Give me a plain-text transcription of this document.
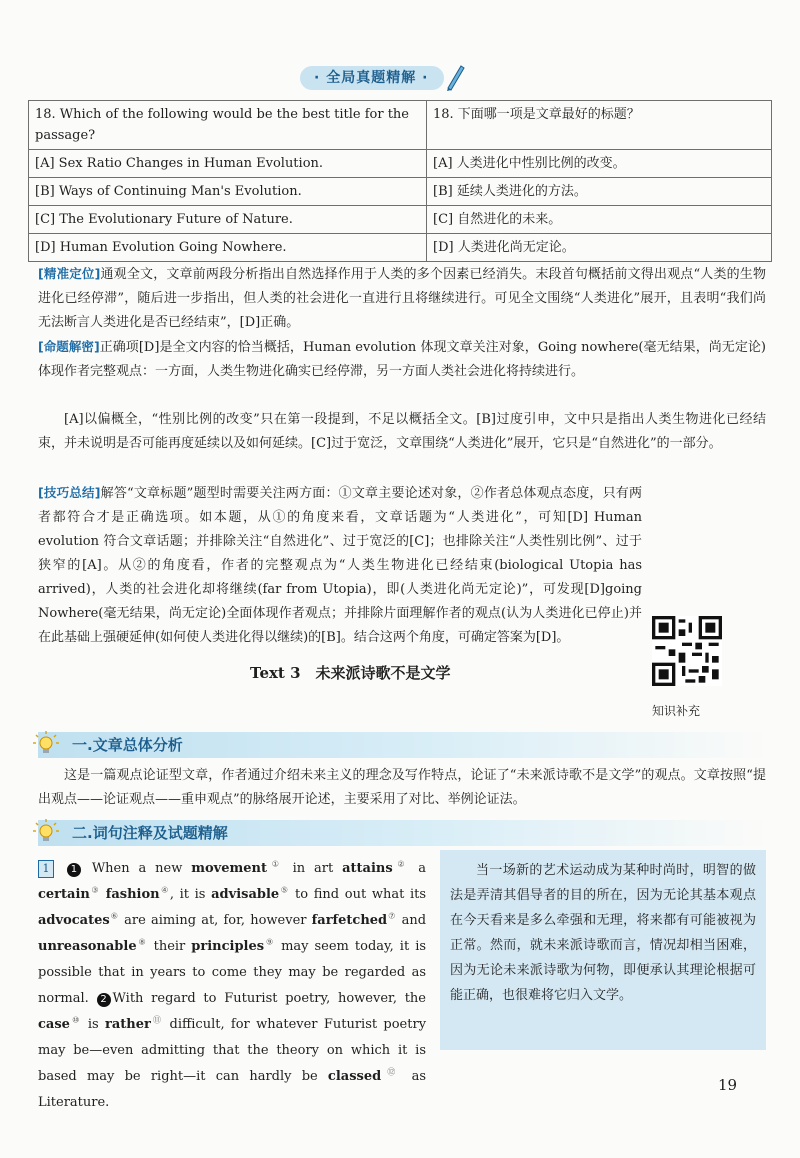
· 全局真题精解 ·
18. Which of the following would be the best title for the passage?	18. 下面哪一项是文章最好的标题？
[A] Sex Ratio Changes in Human Evolution.	[A] 人类进化中性别比例的改变。
[B] Ways of Continuing Man's Evolution.	[B] 延续人类进化的方法。
[C] The Evolutionary Future of Nature.	[C] 自然进化的未来。
[D] Human Evolution Going Nowhere.	[D] 人类进化尚无定论。
[精准定位]通观全文，文章前两段分析指出自然选择作用于人类的多个因素已经消失。末段首句概括前文得出观点“人类的生物进化已经停滞”，随后进一步指出，但人类的社会进化一直进行且将继续进行。可见全文围绕“人类进化”展开，且表明“我们尚无法断言人类进化是否已经结束”，[D]正确。
[命题解密]正确项[D]是全文内容的恰当概括，Human evolution 体现文章关注对象，Going nowhere(毫无结果，尚无定论)体现作者完整观点：一方面，人类生物进化确实已经停滞，另一方面人类社会进化将持续进行。
[A]以偏概全，“性别比例的改变”只在第一段提到，不足以概括全文。[B]过度引申，文中只是指出人类生物进化已经结束，并未说明是否可能再度延续以及如何延续。[C]过于宽泛，文章围绕“人类进化”展开，它只是“自然进化”的一部分。
[技巧总结]解答“文章标题”题型时需要关注两方面：①文章主要论述对象，②作者总体观点态度，只有两者都符合才是正确选项。如本题，从①的角度来看，文章话题为“人类进化”，可知[D] Human evolution 符合文章话题；并排除关注“自然进化”、过于宽泛的[C]；也排除关注“人类性别比例”、过于狭窄的[A]。从②的角度看，作者的完整观点为“人类生物进化已经结束(biological Utopia has arrived)，人类的社会进化却将继续(far from Utopia)，即(人类进化尚无定论)”，可发现[D]going Nowhere(毫无结果，尚无定论)全面体现作者观点；并排除片面理解作者的观点(认为人类进化已停止)并在此基础上强硬延伸(如何使人类进化得以继续)的[B]。结合这两个角度，可确定答案为[D]。
知识补充
Text 3　未来派诗歌不是文学
一.文章总体分析
这是一篇观点论证型文章，作者通过介绍未来主义的理念及写作特点，论证了“未来派诗歌不是文学”的观点。文章按照“提出观点——论证观点——重申观点”的脉络展开论述，主要采用了对比、举例论证法。
二.词句注释及试题精解
1 1 When a new movement① in art attains② a certain③ fashion④, it is advisable⑤ to find out what its advocates⑥ are aiming at, for, however farfetched⑦ and unreasonable⑧ their principles⑨ may seem today, it is possible that in years to come they may be regarded as normal. 2 With regard to Futurist poetry, however, the case⑩ is rather⑪ difficult, for whatever Futurist poetry may be—even admitting that the theory on which it is based may be right—it can hardly be classed⑫ as Literature.
当一场新的艺术运动成为某种时尚时，明智的做法是弄清其倡导者的目的所在，因为无论其基本观点在今天看来是多么牵强和无理，将来都有可能被视为正常。然而，就未来派诗歌而言，情况却相当困难，因为无论未来派诗歌为何物，即便承认其理论根据可能正确，也很难将它归入文学。
19
